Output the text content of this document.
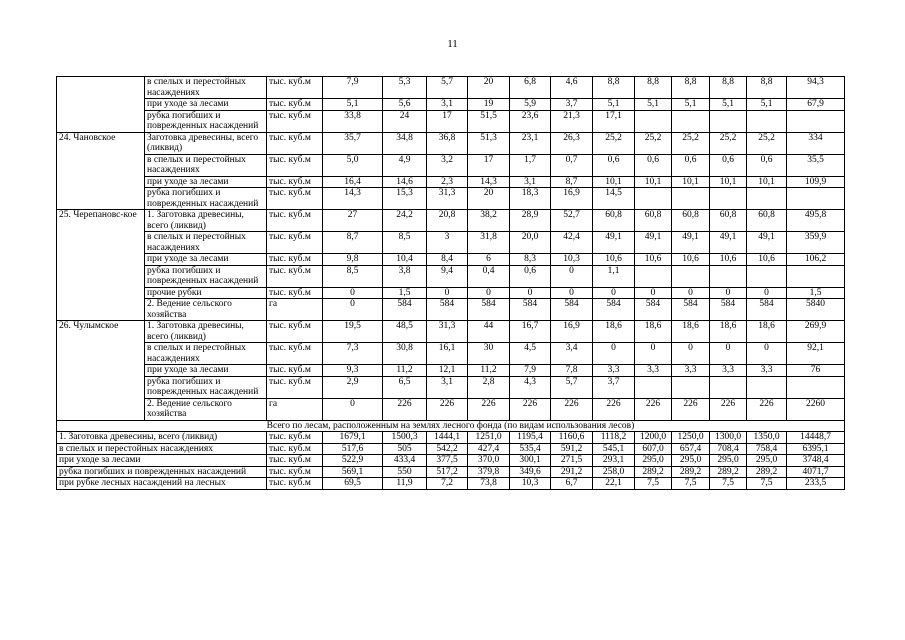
11
	в спелых и перестойных насаждениях	тыс. куб.м	7,9	5,3	5,7	20	6,8	4,6	8,8	8,8	8,8	8,8	8,8	94,3
	при уходе за лесами	тыс. куб.м	5,1	5,6	3,1	19	5,9	3,7	5,1	5,1	5,1	5,1	5,1	67,9
	рубка погибших и поврежденных насаждений	тыс. куб.м	33,8	24	17	51,5	23,6	21,3	17,1					
24. Чановское	Заготовка древесины, всего (ликвид)	тыс. куб.м	35,7	34,8	36,8	51,3	23,1	26,3	25,2	25,2	25,2	25,2	25,2	334
	в спелых и перестойных насаждениях	тыс. куб.м	5,0	4,9	3,2	17	1,7	0,7	0,6	0,6	0,6	0,6	0,6	35,5
	при уходе за лесами	тыс. куб.м	16,4	14,6	2,3	14,3	3,1	8,7	10,1	10,1	10,1	10,1	10,1	109,9
	рубка погибших и поврежденных насаждений	тыс. куб.м	14,3	15,3	31,3	20	18,3	16,9	14,5					
25. Черепановс-кое	1. Заготовка древесины, всего (ликвид)	тыс. куб.м	27	24,2	20,8	38,2	28,9	52,7	60,8	60,8	60,8	60,8	60,8	495,8
	в спелых и перестойных насаждениях	тыс. куб.м	8,7	8,5	3	31,8	20,0	42,4	49,1	49,1	49,1	49,1	49,1	359,9
	при уходе за лесами	тыс. куб.м	9,8	10,4	8,4	6	8,3	10,3	10,6	10,6	10,6	10,6	10,6	106,2
	рубка погибших и поврежденных насаждений	тыс. куб.м	8,5	3,8	9,4	0,4	0,6	0	1,1					
	прочие рубки	тыс. куб.м	0	1,5	0	0	0	0	0	0	0	0	0	1,5
	2. Ведение сельского хозяйства	га	0	584	584	584	584	584	584	584	584	584	584	5840
26. Чулымское	1. Заготовка древесины, всего (ликвид)	тыс. куб.м	19,5	48,5	31,3	44	16,7	16,9	18,6	18,6	18,6	18,6	18,6	269,9
	в спелых и перестойных насаждениях	тыс. куб.м	7,3	30,8	16,1	30	4,5	3,4	0	0	0	0	0	92,1
	при уходе за лесами	тыс. куб.м	9,3	11,2	12,1	11,2	7,9	7,8	3,3	3,3	3,3	3,3	3,3	76
	рубка погибших и поврежденных насаждений	тыс. куб.м	2,9	6,5	3,1	2,8	4,3	5,7	3,7					
	2. Ведение сельского хозяйства	га	0	226	226	226	226	226	226	226	226	226	226	2260
Всего по лесам, расположенным на землях лесного фонда (по видам использования лесов)														
1. Заготовка древесины, всего (ликвид)		тыс. куб.м	1679,1	1500,3	1444,1	1251,0	1195,4	1160,6	1118,2	1200,0	1250,0	1300,0	1350,0	14448,7
в спелых и перестойных насаждениях		тыс. куб.м	517,6	505	542,2	427,4	535,4	591,2	545,1	607,0	657,4	708,4	758,4	6395,1
при уходе за лесами		тыс. куб.м	522,9	433,4	377,5	370,0	300,1	271,5	293,1	295,0	295,0	295,0	295,0	3748,4
рубка погибших и поврежденных насаждений		тыс. куб.м	569,1	550	517,2	379,8	349,6	291,2	258,0	289,2	289,2	289,2	289,2	4071,7
при рубке лесных насаждений на лесных		тыс. куб.м	69,5	11,9	7,2	73,8	10,3	6,7	22,1	7,5	7,5	7,5	7,5	233,5
